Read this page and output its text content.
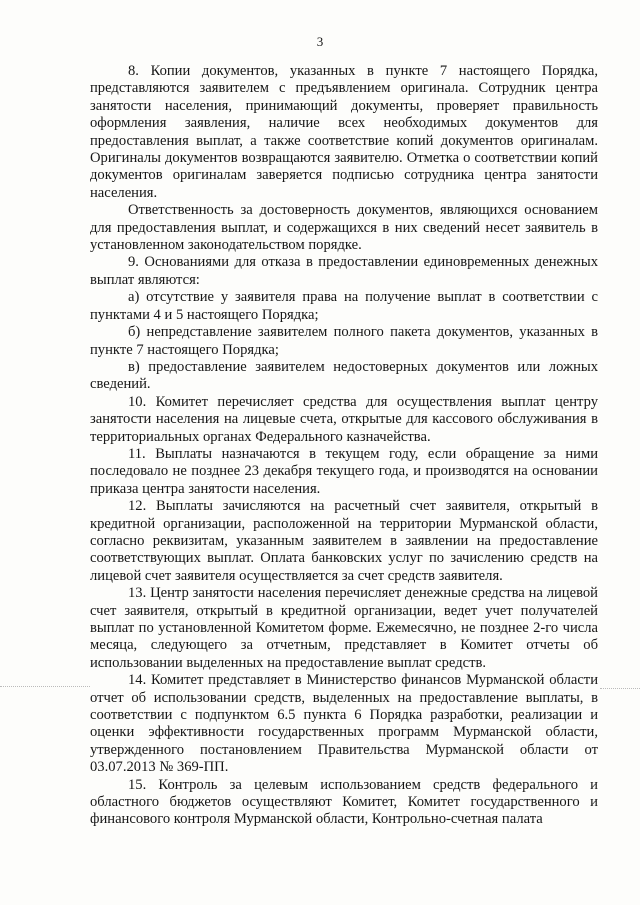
3

8. Копии документов, указанных в пункте 7 настоящего Порядка, представляются заявителем с предъявлением оригинала. Сотрудник центра занятости населения, принимающий документы, проверяет правильность оформления заявления, наличие всех необходимых документов для предоставления выплат, а также соответствие копий документов оригиналам. Оригиналы документов возвращаются заявителю. Отметка о соответствии копий документов оригиналам заверяется подписью сотрудника центра занятости населения.

Ответственность за достоверность документов, являющихся основанием для предоставления выплат, и содержащихся в них сведений несет заявитель в установленном законодательством порядке.

9. Основаниями для отказа в предоставлении единовременных денежных выплат являются:

а) отсутствие у заявителя права на получение выплат в соответствии с пунктами 4 и 5 настоящего Порядка;

б) непредставление заявителем полного пакета документов, указанных в пункте 7 настоящего Порядка;

в) предоставление заявителем недостоверных документов или ложных сведений.

10. Комитет перечисляет средства для осуществления выплат центру занятости населения на лицевые счета, открытые для кассового обслуживания в территориальных органах Федерального казначейства.

11. Выплаты назначаются в текущем году, если обращение за ними последовало не позднее 23 декабря текущего года, и производятся на основании приказа центра занятости населения.

12. Выплаты зачисляются на расчетный счет заявителя, открытый в кредитной организации, расположенной на территории Мурманской области, согласно реквизитам, указанным заявителем в заявлении на предоставление соответствующих выплат. Оплата банковских услуг по зачислению средств на лицевой счет заявителя осуществляется за счет средств заявителя.

13. Центр занятости населения перечисляет денежные средства на лицевой счет заявителя, открытый в кредитной организации, ведет учет получателей выплат по установленной Комитетом форме. Ежемесячно, не позднее 2-го числа месяца, следующего за отчетным, представляет в Комитет отчеты об использовании выделенных на предоставление выплат средств.

14. Комитет представляет в Министерство финансов Мурманской области отчет об использовании средств, выделенных на предоставление выплаты, в соответствии с подпунктом 6.5 пункта 6 Порядка разработки, реализации и оценки эффективности государственных программ Мурманской области, утвержденного постановлением Правительства Мурманской области от 03.07.2013 № 369-ПП.

15. Контроль за целевым использованием средств федерального и областного бюджетов осуществляют Комитет, Комитет государственного и финансового контроля Мурманской области, Контрольно-счетная палата
